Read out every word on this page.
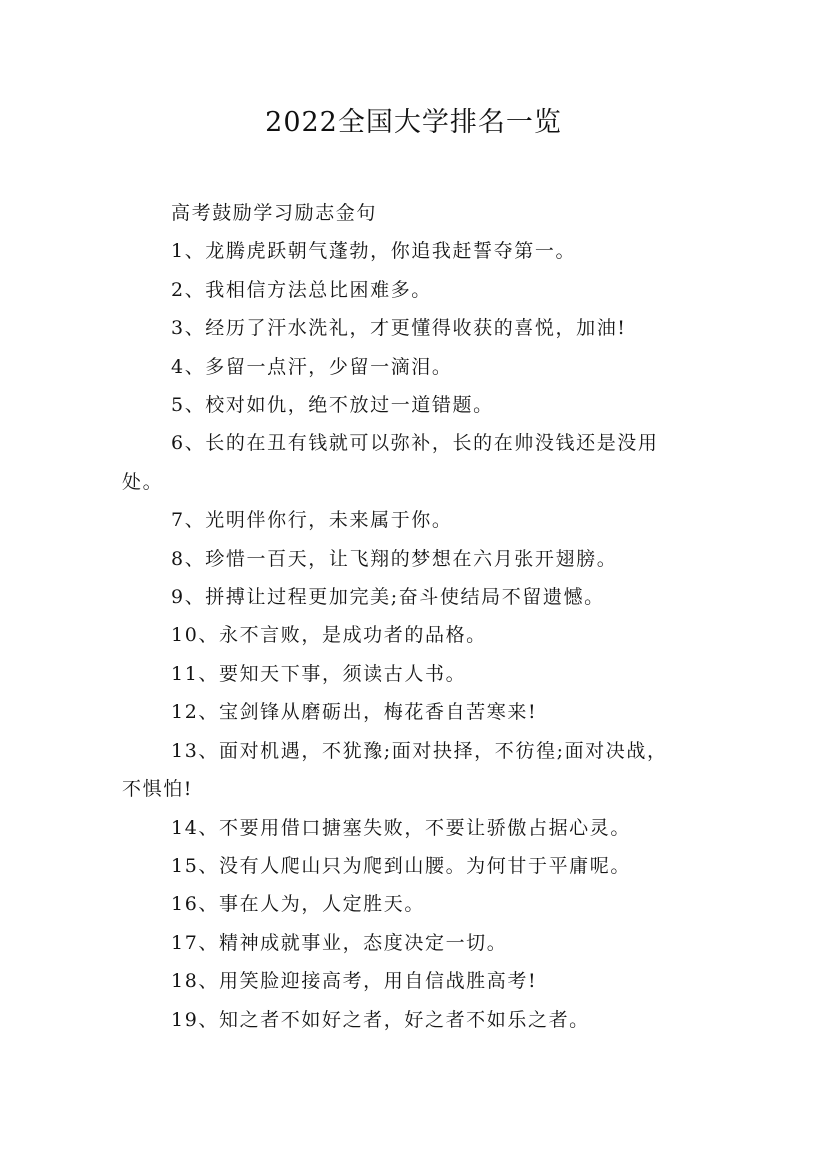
2022全国大学排名一览
高考鼓励学习励志金句
1、龙腾虎跃朝气蓬勃，你追我赶誓夺第一。
2、我相信方法总比困难多。
3、经历了汗水洗礼，才更懂得收获的喜悦，加油!
4、多留一点汗，少留一滴泪。
5、校对如仇，绝不放过一道错题。
6、长的在丑有钱就可以弥补，长的在帅没钱还是没用
处。
7、光明伴你行，未来属于你。
8、珍惜一百天，让飞翔的梦想在六月张开翅膀。
9、拼搏让过程更加完美;奋斗使结局不留遗憾。
10、永不言败，是成功者的品格。
11、要知天下事，须读古人书。
12、宝剑锋从磨砺出，梅花香自苦寒来!
13、面对机遇，不犹豫;面对抉择，不彷徨;面对决战，
不惧怕!
14、不要用借口搪塞失败，不要让骄傲占据心灵。
15、没有人爬山只为爬到山腰。为何甘于平庸呢。
16、事在人为，人定胜天。
17、精神成就事业，态度决定一切。
18、用笑脸迎接高考，用自信战胜高考!
19、知之者不如好之者，好之者不如乐之者。
